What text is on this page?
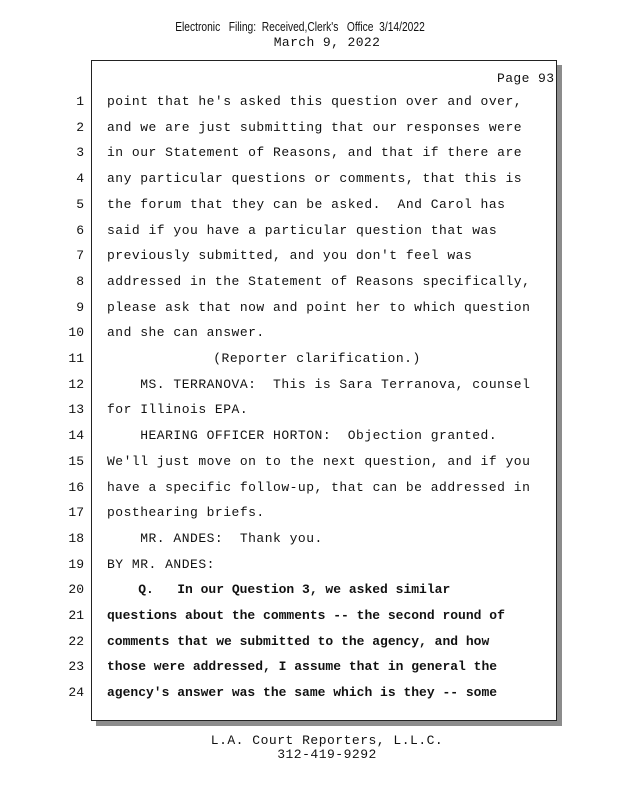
Electronic   Filing:  Received,Clerk's   Office  3/14/2022
March 9, 2022
Page 93
1 point that he's asked this question over and over,
2 and we are just submitting that our responses were
3 in our Statement of Reasons, and that if there are
4 any particular questions or comments, that this is
5 the forum that they can be asked.  And Carol has
6 said if you have a particular question that was
7 previously submitted, and you don't feel was
8 addressed in the Statement of Reasons specifically,
9 please ask that now and point her to which question
10 and she can answer.
11	(Reporter clarification.)
12 MS. TERRANOVA:  This is Sara Terranova, counsel
13 for Illinois EPA.
14 HEARING OFFICER HORTON:  Objection granted.
15 We'll just move on to the next question, and if you
16 have a specific follow-up, that can be addressed in
17 posthearing briefs.
18 MR. ANDES:  Thank you.
19 BY MR. ANDES:
20 Q.   In our Question 3, we asked similar
21 questions about the comments -- the second round of
22 comments that we submitted to the agency, and how
23 those were addressed, I assume that in general the
24 agency's answer was the same which is they -- some
L.A. Court Reporters, L.L.C.
312-419-9292
